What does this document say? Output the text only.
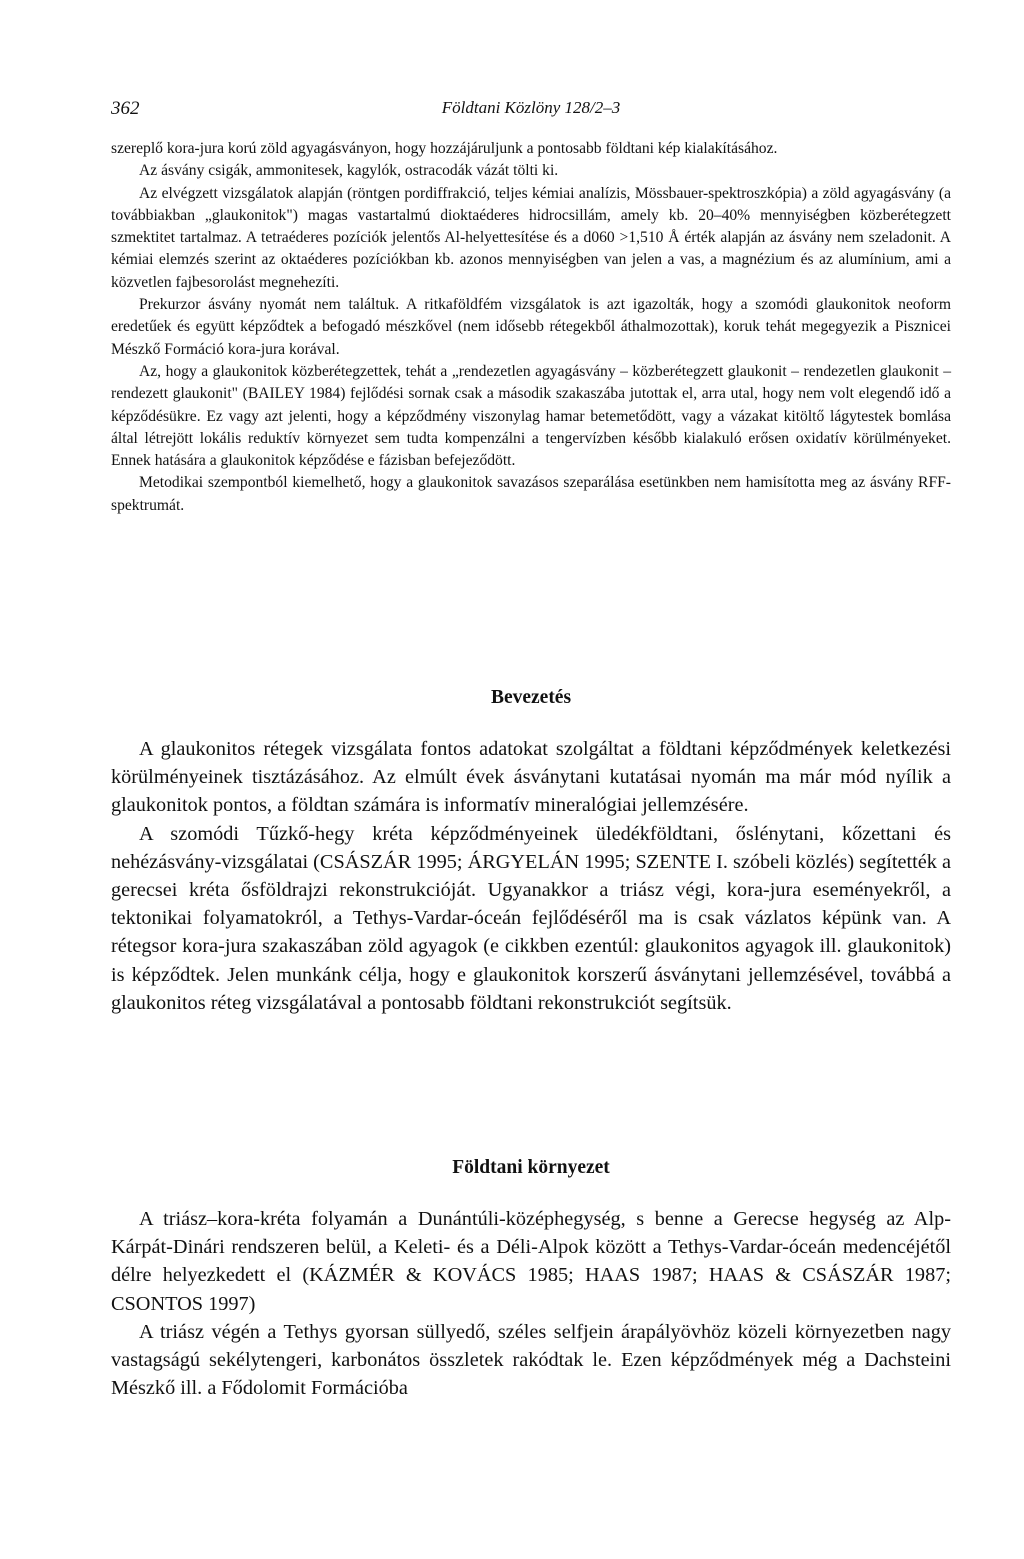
362	Földtani Közlöny 128/2–3

szereplő kora-jura korú zöld agyagásványon, hogy hozzájáruljunk a pontosabb földtani kép kialakításához.

Az ásvány csigák, ammonitesek, kagylók, ostracodák vázát tölti ki.

Az elvégzett vizsgálatok alapján (röntgen pordiffrakció, teljes kémiai analízis, Mössbauer-spektroszkópia) a zöld agyagásvány (a továbbiakban „glaukonitok") magas vastartalmú dioktaéderes hidrocsillám, amely kb. 20–40% mennyiségben közberétegzett szmektitet tartalmaz. A tetraéderes pozíciók jelentős Al-helyettesítése és a d060 >1,510 Å érték alapján az ásvány nem szeladonit. A kémiai elemzés szerint az oktaéderes pozíciókban kb. azonos mennyiségben van jelen a vas, a magnézium és az alumínium, ami a közvetlen fajbesorolást megnehezíti.

Prekurzor ásvány nyomát nem találtuk. A ritkaföldfém vizsgálatok is azt igazolták, hogy a szomódi glaukonitok neoform eredetűek és együtt képződtek a befogadó mészkővel (nem idősebb rétegekből áthalmozottak), koruk tehát megegyezik a Pisznicei Mészkő Formáció kora-jura korával.

Az, hogy a glaukonitok közberétegzettek, tehát a „rendezetlen agyagásvány – közberétegzett glaukonit – rendezetlen glaukonit – rendezett glaukonit" (BAILEY 1984) fejlődési sornak csak a második szakaszába jutottak el, arra utal, hogy nem volt elegendő idő a képződésükre. Ez vagy azt jelenti, hogy a képződmény viszonylag hamar betemetődött, vagy a vázakat kitöltő lágytestek bomlása által létrejött lokális reduktív környezet sem tudta kompenzálni a tengervízben később kialakuló erősen oxidatív körülményeket. Ennek hatására a glaukonitok képződése e fázisban befejeződött.

Metodikai szempontból kiemelhető, hogy a glaukonitok savazásos szeparálása esetünkben nem hamisította meg az ásvány RFF-spektrumát.

Bevezetés

A glaukonitos rétegek vizsgálata fontos adatokat szolgáltat a földtani képződmények keletkezési körülményeinek tisztázásához. Az elmúlt évek ásványtani kutatásai nyomán ma már mód nyílik a glaukonitok pontos, a földtan számára is informatív mineralógiai jellemzésére.

A szomódi Tűzkő-hegy kréta képződményeinek üledékföldtani, őslénytani, kőzettani és nehézásvány-vizsgálatai (CSÁSZÁR 1995; ÁRGYELÁN 1995; SZENTE I. szóbeli közlés) segítették a gerecsei kréta ősföldrajzi rekonstrukcióját. Ugyanakkor a triász végi, kora-jura eseményekről, a tektonikai folyamatokról, a Tethys-Vardar-óceán fejlődéséről ma is csak vázlatos képünk van. A rétegsor kora-jura szakaszában zöld agyagok (e cikkben ezentúl: glaukonitos agyagok ill. glaukonitok) is képződtek. Jelen munkánk célja, hogy e glaukonitok korszerű ásványtani jellemzésével, továbbá a glaukonitos réteg vizsgálatával a pontosabb földtani rekonstrukciót segítsük.

Földtani környezet

A triász–kora-kréta folyamán a Dunántúli-középhegység, s benne a Gerecse hegység az Alp-Kárpát-Dinári rendszeren belül, a Keleti- és a Déli-Alpok között a Tethys-Vardar-óceán medencéjétől délre helyezkedett el (KÁZMÉR & KOVÁCS 1985; HAAS 1987; HAAS & CSÁSZÁR 1987; CSONTOS 1997)

A triász végén a Tethys gyorsan süllyedő, széles selfjein árapályövhöz közeli környezetben nagy vastagságú sekélytengeri, karbonátos összletek rakódtak le. Ezen képződmények még a Dachsteini Mészkő ill. a Fődolomit Formációba
